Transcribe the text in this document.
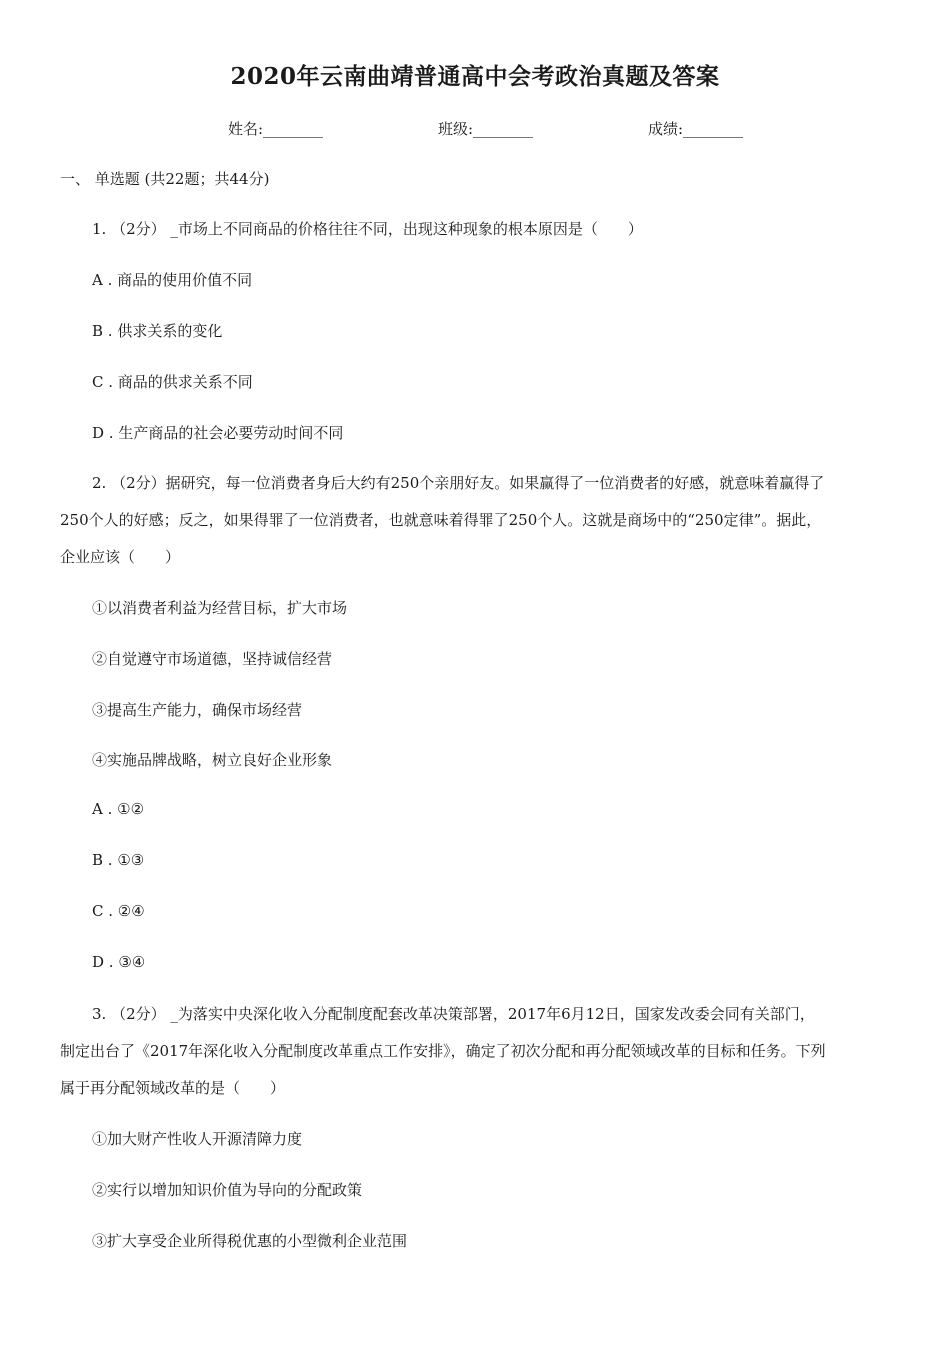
2020年云南曲靖普通高中会考政治真题及答案
姓名:________	班级:________	成绩:________
一、 单选题 (共22题；共44分)
1. （2分） _市场上不同商品的价格往往不同，出现这种现象的根本原因是（　　）
A . 商品的使用价值不同
B . 供求关系的变化
C . 商品的供求关系不同
D . 生产商品的社会必要劳动时间不同
2. （2分）据研究，每一位消费者身后大约有250个亲朋好友。如果赢得了一位消费者的好感，就意味着赢得了
250个人的好感；反之，如果得罪了一位消费者，也就意味着得罪了250个人。这就是商场中的“250定律”。据此，
企业应该（　　）
①以消费者利益为经营目标，扩大市场
②自觉遵守市场道德，坚持诚信经营
③提高生产能力，确保市场经营
④实施品牌战略，树立良好企业形象
A . ①②
B . ①③
C . ②④
D . ③④
3. （2分） _为落实中央深化收入分配制度配套改革决策部署，2017年6月12日，国家发改委会同有关部门，
制定出台了《2017年深化收入分配制度改革重点工作安排》，确定了初次分配和再分配领域改革的目标和任务。下列
属于再分配领域改革的是（　　）
①加大财产性收人开源清障力度
②实行以增加知识价值为导向的分配政策
③扩大享受企业所得税优惠的小型微利企业范围
